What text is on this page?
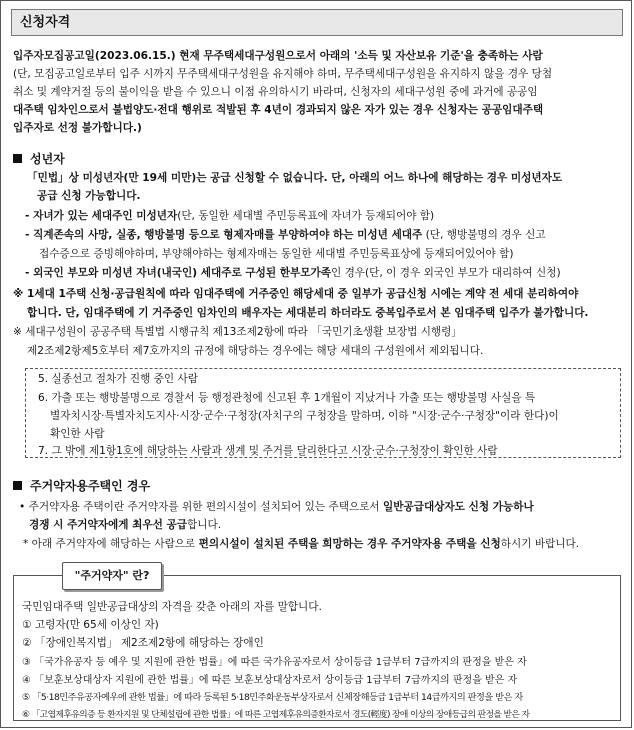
신청자격
입주자모집공고일(2023.06.15.) 현재 무주택세대구성원으로서 아래의 '소득 및 자산보유 기준'을 충족하는 사람
(단, 모집공고일로부터 입주 시까지 무주택세대구성원을 유지해야 하며, 무주택세대구성원을 유지하지 않을 경우 당첨
취소 및 계약거절 등의 불이익을 받을 수 있으니 이점 유의하시기 바라며, 신청자의 세대구성원 중에 과거에 공공임
대주택 임차인으로서 불법양도·전대 행위로 적발된 후 4년이 경과되지 않은 자가 있는 경우 신청자는 공공임대주택
입주자로 선정 불가합니다.)
성년자
「민법」상 미성년자(만 19세 미만)는 공급 신청할 수 없습니다. 단, 아래의 어느 하나에 해당하는 경우 미성년자도
공급 신청 가능합니다.
- 자녀가 있는 세대주인 미성년자(단, 동일한 세대별 주민등록표에 자녀가 등재되어야 함)
- 직계존속의 사망, 실종, 행방불명 등으로 형제자매를 부양하여야 하는 미성년 세대주 (단, 행방불명의 경우 신고
접수증으로 증빙해야하며, 부양해야하는 형제자매는 동일한 세대별 주민등록표상에 등재되어있어야 함)
- 외국인 부모와 미성년 자녀(내국인) 세대주로 구성된 한부모가족인 경우(단, 이 경우 외국인 부모가 대리하여 신청)
※ 1세대 1주택 신청·공급원칙에 따라 임대주택에 거주중인 해당세대 중 일부가 공급신청 시에는 계약 전 세대 분리하여야
합니다. 단, 임대주택에 기 거주중인 임차인의 배우자는 세대분리 하더라도 중복입주로서 본 임대주택 입주가 불가합니다.
※ 세대구성원이 공공주택 특별법 시행규칙 제13조제2항에 따라 「국민기초생활 보장법 시행령」
제2조제2항제5호부터 제7호까지의 규정에 해당하는 경우에는 해당 세대의 구성원에서 제외됩니다.
5. 실종선고 절차가 진행 중인 사람
6. 가출 또는 행방불명으로 경찰서 등 행정관청에 신고된 후 1개월이 지났거나 가출 또는 행방불명 사실을 특
별자치시장·특별자치도지사·시장·군수·구청장(자치구의 구청장을 말하며, 이하 "시장·군수·구청장"이라 한다)이
확인한 사람
7. 그 밖에 제1항1호에 해당하는 사람과 생계 및 주거를 달리한다고 시장·군수·구청장이 확인한 사람
주거약자용주택인 경우
• 주거약자용 주택이란 주거약자를 위한 편의시설이 설치되어 있는 주택으로서 일반공급대상자도 신청 가능하나
경쟁 시 주거약자에게 최우선 공급합니다.
* 아래 주거약자에 해당하는 사람으로 편의시설이 설치된 주택을 희망하는 경우 주거약자용 주택을 신청하시기 바랍니다.
국민임대주택 일반공급대상의 자격을 갖춘 아래의 자를 말합니다.
① 고령자(만 65세 이상인 자)
② 「장애인복지법」 제2조제2항에 해당하는 장애인
③ 「국가유공자 등 예우 및 지원에 관한 법률」에 따른 국가유공자로서 상이등급 1급부터 7급까지의 판정을 받은 자
④ 「보훈보상대상자 지원에 관한 법률」에 따른 보훈보상대상자로서 상이등급 1급부터 7급까지의 판정을 받은 자
⑤ 「5·18민주유공자예우에 관한 법률」에 따라 등록된 5·18민주화운동부상자로서 신체장해등급 1급부터 14급까지의 판정을 받은 자
⑥ 「고엽제후유의증 등 환자지원 및 단체설립에 관한 법률」에 따른 고엽제후유의증환자로서 경도(輕度) 장애 이상의 장애등급의 판정을 받은 자
"주거약자" 란?
